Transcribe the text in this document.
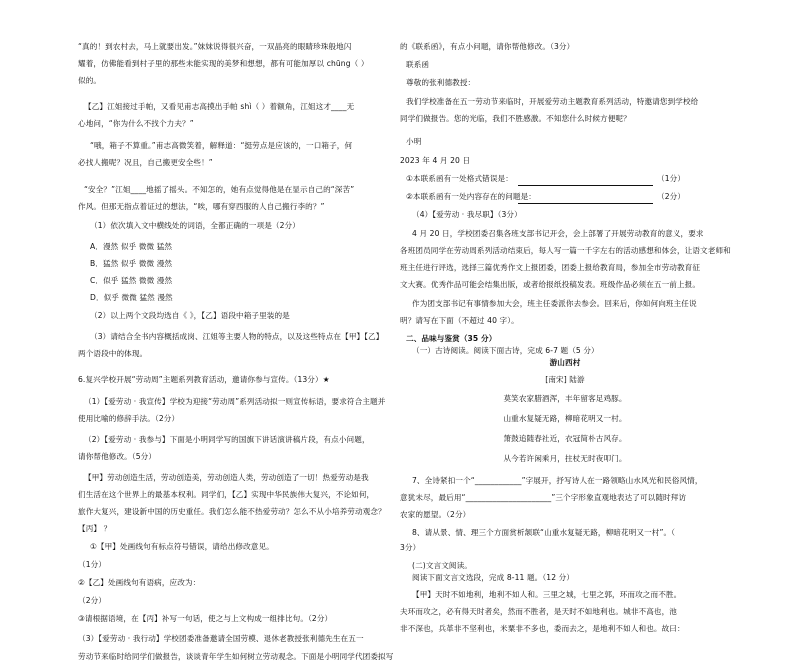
“真的！到农村去，马上就要出发。”妹妹说得很兴奋，一双晶亮的眼睛珍珠般地闪
耀着，仿佛能看到村子里的那些未能实现的美梦和想想，都有可能加厚以 chūng（ ）
似的。
【乙】江姐接过手帕，又看见甫志高摸出手帕 shì（ ）着额角，江姐这才____无
心地问，“你为什么不找个力夫？”
“哦，箱子不算重。”甫志高微笑着，解释道：“挺劳点是应该的，一口箱子，何
必找人搬呢？况且，自己搬更安全些！”
“安全？”江姐____地摇了摇头。不知怎的，她有点觉得他是在显示自己的“深苦”
作风。但那无指点着证过的想法，“唉，哪有穿西服的人自己搬行李的？”
（1）依次填入文中横线处的词语，全都正确的一项是（2分）
A．漫然 似乎 微微 猛然
B．猛然 似乎 微微 漫然
C．似乎 猛然 微微 漫然
D．似乎 微微 猛然 漫然
（2）以上两个文段均选自《 》，【乙】语段中箱子里装的是
（3）请结合全书内容概括成岗、江姐等主要人物的特点，以及这些特点在【甲】【乙】
两个语段中的体现。
6.复兴学校开展“劳动周”主题系列教育活动，邀请你参与宣传。（13分）★
（1）【爱劳动 · 我宣传】学校为迎接“劳动周”系列活动拟一则宣传标语，要求符合主题并
使用比喻的修辞手法。（2分）
（2）【爱劳动 · 我参与】下面是小明同学写的国旗下讲话演讲稿片段，有点小问题，
请你帮他修改。（5分）
【甲】劳动创造生活，劳动创造美，劳动创造人类，劳动创造了一切！热爱劳动是我
们生活在这个世界上的最基本权利。同学们，【乙】实现中华民族伟大复兴，不论如何，
旅作大复兴，建设新中国的历史重任。我们怎么能不热爱劳动？怎么不从小培养劳动观念？
【丙】 ？
①【甲】处画线句有标点符号错误，请给出修改意见。
（1分）
②【乙】处画线句有语病，应改为：
（2分）
③请根据语境，在【丙】补写一句话，使之与上文构成一组排比句。（2分）
（3）【爱劳动 · 我行动】学校团委准备邀请全国劳模、退休老教授张利德先生在五一
劳动节来临时给同学们做报告，谈谈青年学生如何树立劳动观念。下面是小明同学代团委拟写
的《联系函》，有点小问题，请你帮他修改。（3分）
联系函
尊敬的张利德教授：
我们学校准备在五一劳动节来临时，开展爱劳动主题教育系列活动，特邀请您到学校给
同学们做报告。您的光临，我们不胜感激。不知您什么时候方便呢？
小明
2023 年 4 月 20 日
①本联系函有一处格式错误是：	（1分）
②本联系函有一处内容存在的问题是：	（2分）
（4）【爱劳动 · 我尽职】（3分）
4 月 20 日，学校团委召集各班支部书记开会，会上部署了开展劳动教育的意义，要求
各班团员同学在劳动周系列活动结束后，每人写一篇一千字左右的活动感想和体会，让语文老师和
班主任进行评选，选择三篇优秀作文上报团委，团委上报给教育局，参加全市劳动教育征
文大赛。优秀作品可能会结集出版，或者给报纸投稿发表。班级作品必须在五一前上报。
作为团支部书记有事情参加大会，班主任委派你去参会。回来后，你如何向班主任说
明？请写在下面（不超过 40 字）。
二、品味与鉴赏（35 分）
（一）古诗阅读。阅读下面古诗，完成 6-7 题（5 分）
游山西村
[南宋] 陆游
莫笑农家腊酒浑，丰年留客足鸡豚。
山重水复疑无路，柳暗花明又一村。
箫鼓追随春社近，衣冠简朴古风存。
从今若许闲乘月，拄杖无时夜叩门。
7、全诗紧扣一个“____________”字展开，抒写诗人在一路领略山水风光和民俗风情，
意犹未尽，最后用“______________________”三个字形象直观地表达了可以随时拜访
农家的愿望。（2分）
8、请从景、情、理三个方面赏析颔联“山重水复疑无路，柳暗花明又一村”。（
3分）
(二)文言文阅读。
阅读下面文言文选段，完成 8-11 题。（12 分）
【甲】天时不如地利，地利不如人和。三里之城，七里之郭，环而攻之而不胜。
夫环而攻之，必有得天时者矣，然而不胜者，是天时不如地利也。城非不高也，池
非不深也，兵革非不坚利也，米粟非不多也，委而去之，是地利不如人和也。故曰：
